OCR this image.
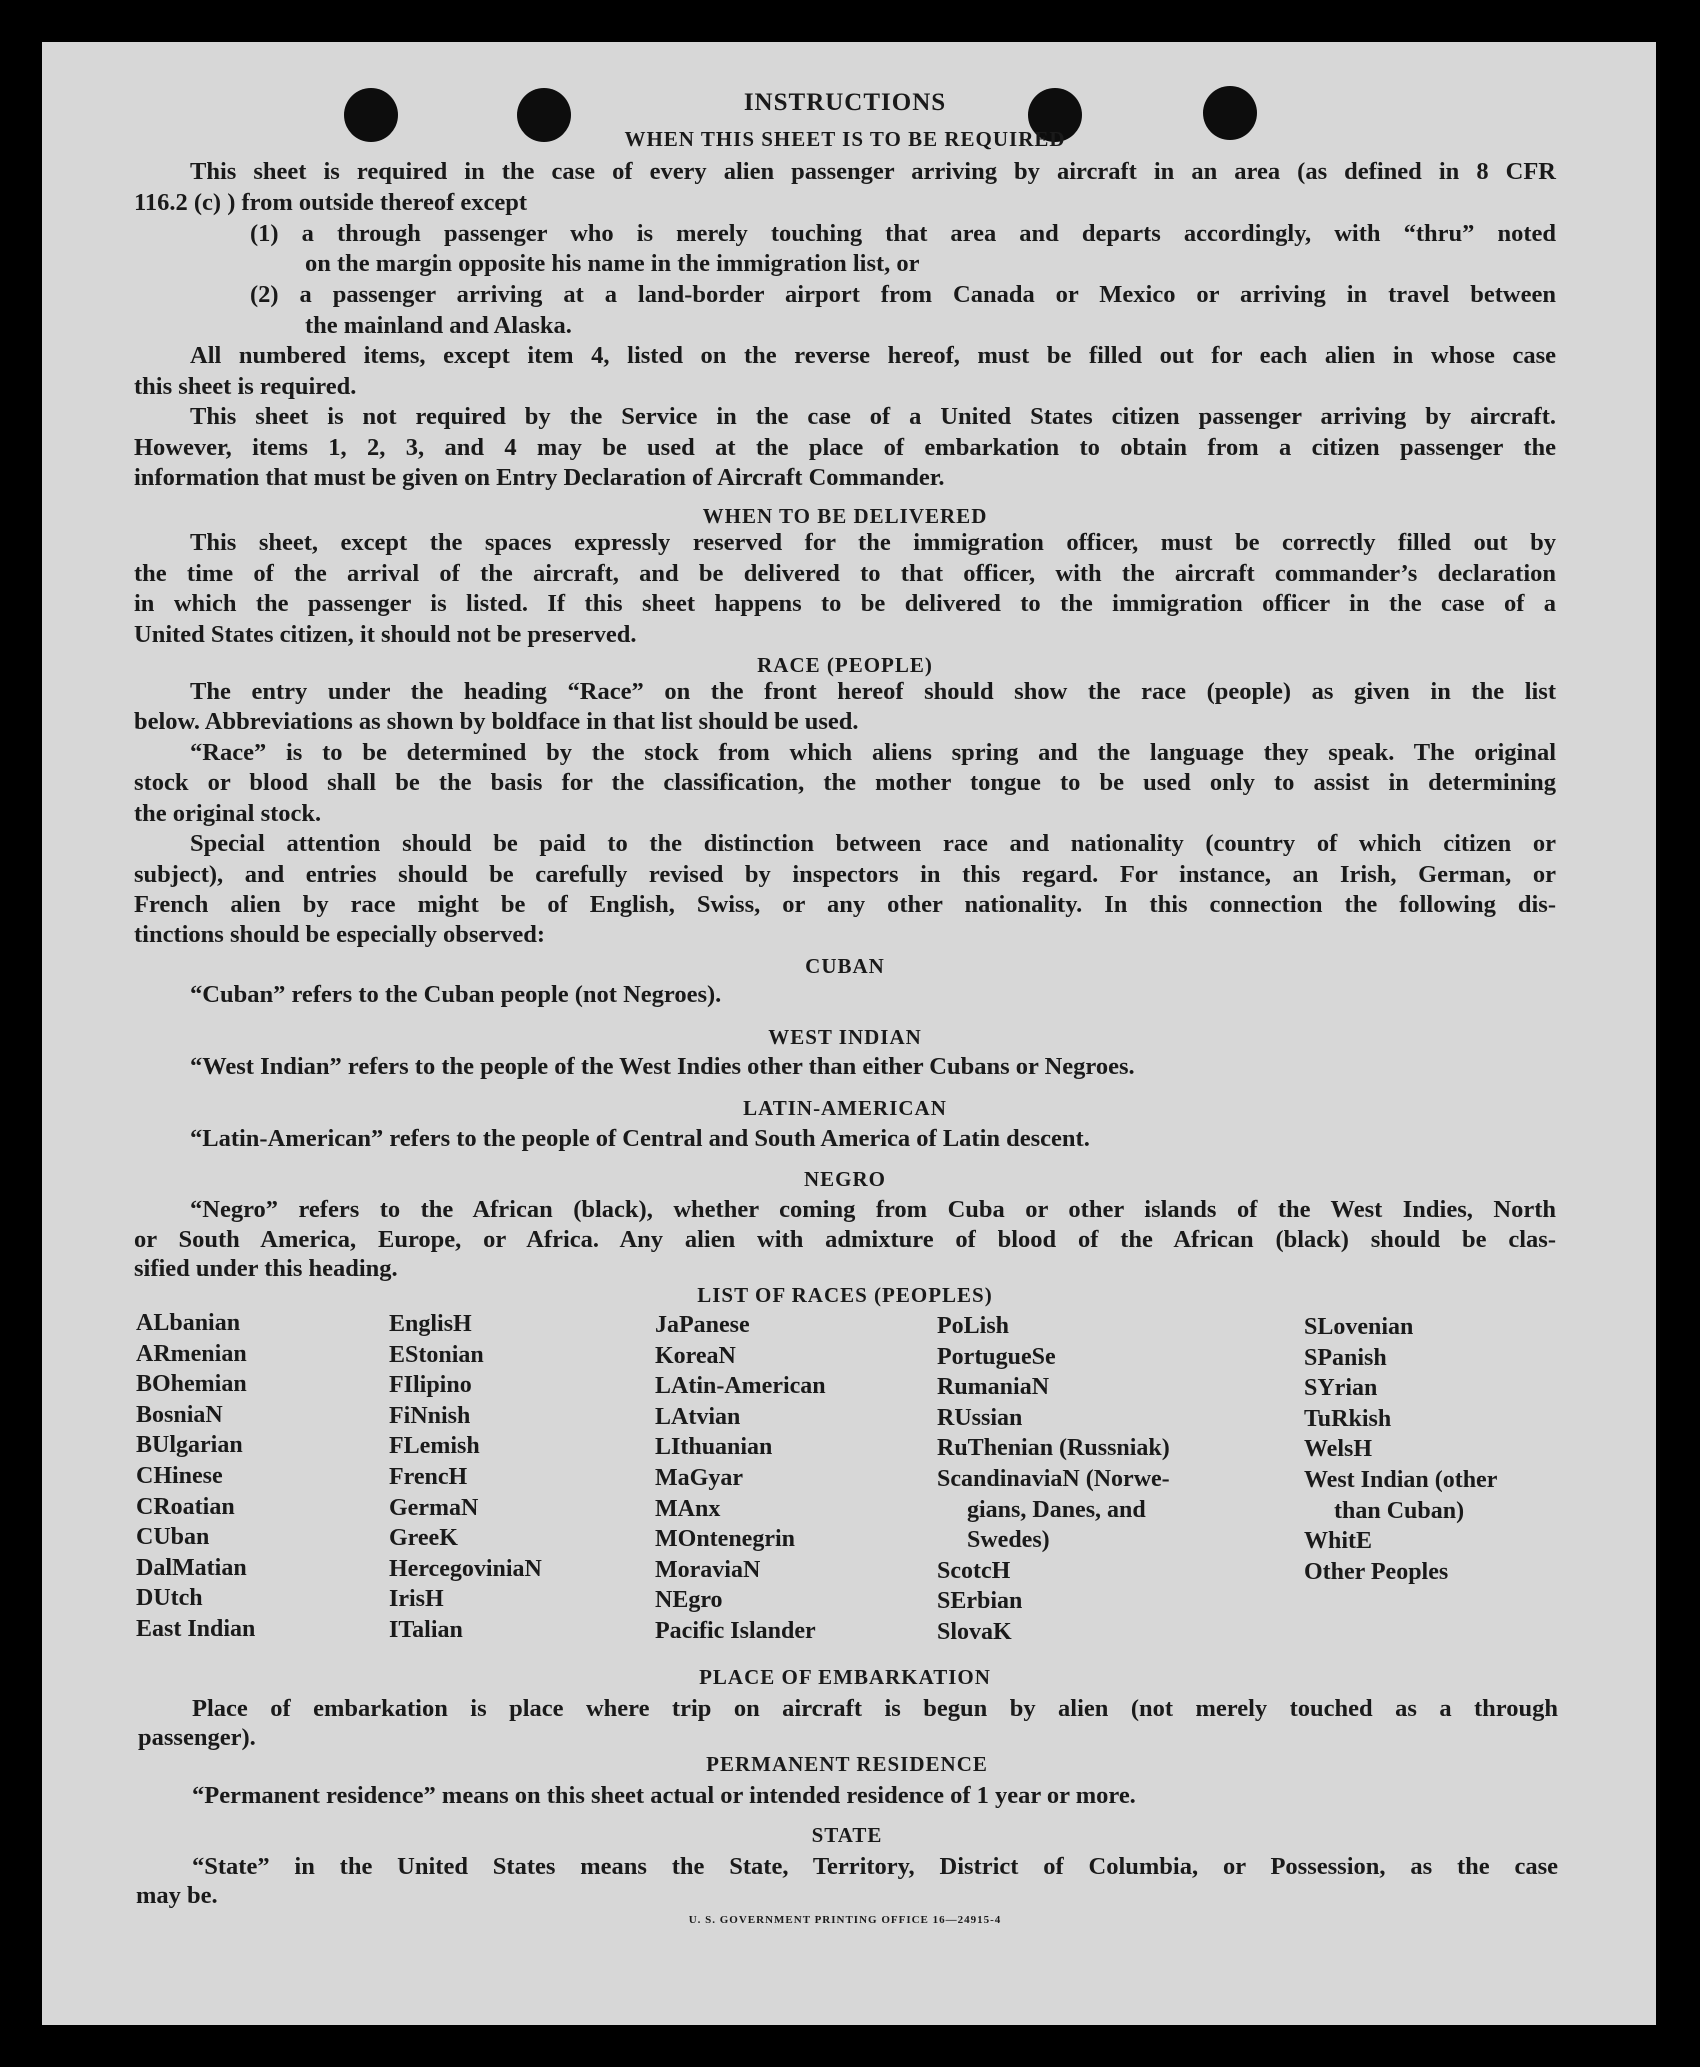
INSTRUCTIONS
WHEN THIS SHEET IS TO BE REQUIRED
This sheet is required in the case of every alien passenger arriving by aircraft in an area (as defined in 8 CFR
116.2 (c) ) from outside thereof except
(1) a through passenger who is merely touching that area and departs accordingly, with “thru” noted
on the margin opposite his name in the immigration list, or
(2) a passenger arriving at a land-border airport from Canada or Mexico or arriving in travel between
the mainland and Alaska.
All numbered items, except item 4, listed on the reverse hereof, must be filled out for each alien in whose case
this sheet is required.
This sheet is not required by the Service in the case of a United States citizen passenger arriving by aircraft.
However, items 1, 2, 3, and 4 may be used at the place of embarkation to obtain from a citizen passenger the
information that must be given on Entry Declaration of Aircraft Commander.
WHEN TO BE DELIVERED
This sheet, except the spaces expressly reserved for the immigration officer, must be correctly filled out by
the time of the arrival of the aircraft, and be delivered to that officer, with the aircraft commander’s declaration
in which the passenger is listed. If this sheet happens to be delivered to the immigration officer in the case of a
United States citizen, it should not be preserved.
RACE (PEOPLE)
The entry under the heading “Race” on the front hereof should show the race (people) as given in the list
below. Abbreviations as shown by boldface in that list should be used.
“Race” is to be determined by the stock from which aliens spring and the language they speak. The original
stock or blood shall be the basis for the classification, the mother tongue to be used only to assist in determining
the original stock.
Special attention should be paid to the distinction between race and nationality (country of which citizen or
subject), and entries should be carefully revised by inspectors in this regard. For instance, an Irish, German, or
French alien by race might be of English, Swiss, or any other nationality. In this connection the following dis-
tinctions should be especially observed:
CUBAN
“Cuban” refers to the Cuban people (not Negroes).
WEST INDIAN
“West Indian” refers to the people of the West Indies other than either Cubans or Negroes.
LATIN-AMERICAN
“Latin-American” refers to the people of Central and South America of Latin descent.
NEGRO
“Negro” refers to the African (black), whether coming from Cuba or other islands of the West Indies, North
or South America, Europe, or Africa. Any alien with admixture of blood of the African (black) should be clas-
sified under this heading.
LIST OF RACES (PEOPLES)
ALbanian
ARmenian
BOhemian
BosniaN
BUlgarian
CHinese
CRoatian
CUban
DalMatian
DUtch
East Indian
EnglisH
EStonian
FIlipino
FiNnish
FLemish
FrencH
GermaN
GreeK
HercegoviniaN
IrisH
ITalian
JaPanese
KoreaN
LAtin-American
LAtvian
LIthuanian
MaGyar
MAnx
MOntenegrin
MoraviaN
NEgro
Pacific Islander
PoLish
PortugueSe
RumaniaN
RUssian
RuThenian (Russniak)
ScandinaviaN (Norwe-
gians, Danes, and
Swedes)
ScotcH
SErbian
SlovaK
SLovenian
SPanish
SYrian
TuRkish
WelsH
West Indian (other
than Cuban)
WhitE
Other Peoples
PLACE OF EMBARKATION
Place of embarkation is place where trip on aircraft is begun by alien (not merely touched as a through
passenger).
PERMANENT RESIDENCE
“Permanent residence” means on this sheet actual or intended residence of 1 year or more.
STATE
“State” in the United States means the State, Territory, District of Columbia, or Possession, as the case
may be.
U. S. GOVERNMENT PRINTING OFFICE 16—24915-4
